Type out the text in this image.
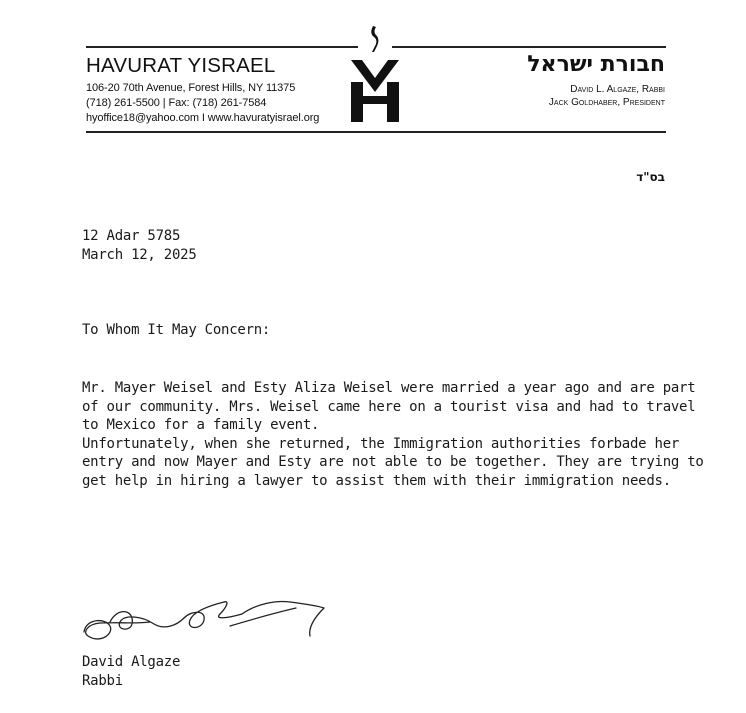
HAVURAT YISRAEL
106-20 70th Avenue, Forest Hills, NY 11375
(718) 261-5500 | Fax: (718) 261-7584
hyoffice18@yahoo.com I www.havuratyisrael.org
חבורת ישראל
David L. Algaze, Rabbi
Jack Goldhaber, President
בס"ד
12 Adar 5785
March 12, 2025
To Whom It May Concern:
Mr. Mayer Weisel and Esty Aliza Weisel were married a year ago and are part
of our community. Mrs. Weisel came here on a tourist visa and had to travel
to Mexico for a family event.
Unfortunately, when she returned, the Immigration authorities forbade her
entry and now Mayer and Esty are not able to be together. They are trying to
get help in hiring a lawyer to assist them with their immigration needs.
David Algaze
Rabbi
